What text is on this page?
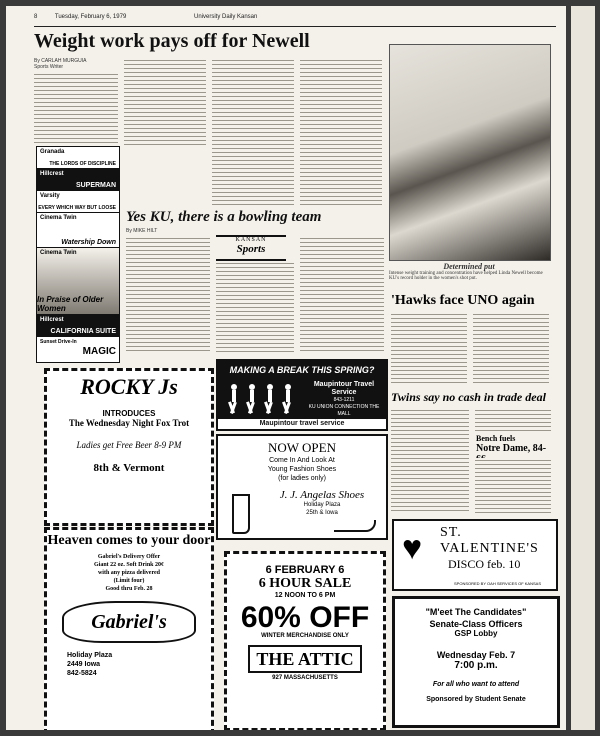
8	Tuesday, February 6, 1979	University Daily Kansan
Weight work pays off for Newell
By CARLAH MURGUIA
Sports Writer
Granada
THE LORDS OF DISCIPLINE
Hillcrest
SUPERMAN
Varsity
EVERY WHICH WAY BUT LOOSE
Cinema Twin
Watership Down
Cinema Twin
In Praise of Older Women
Hillcrest
CALIFORNIA SUITE
Sunset Drive-In
MAGIC
Determined put
Intense weight training and concentration have helped Linda Newell become KU's record holder in the women's shot put.
Yes KU, there is a bowling team
By MIKE HILT
KANSAN
Sports
'Hawks face UNO again
Twins say no cash in trade deal
Bench fuels
Notre Dame, 84-
ROCKY Js
INTRODUCES
The Wednesday Night Fox Trot
Ladies get Free Beer 8-9 PM
8th & Vermont
Heaven comes to your door
Gabriel's Delivery Offer
Giant 22 oz. Soft Drink 20¢
with any pizza delivered
(Limit four)
Good thru Feb. 28
Gabriel's
Holiday Plaza
2449 Iowa
842-5824
MAKING A BREAK THIS SPRING?
Maupintour Travel Service
843-1211
KU UNION CONNECTION THE MALL
Maupintour travel service
NOW OPEN
Come In And Look At
Young Fashion Shoes
(for ladies only)
J. J. Angelas Shoes
Holiday Plaza
25th & Iowa
6 FEBRUARY 6
6 HOUR SALE
12 NOON TO 6 PM
60% OFF
WINTER MERCHANDISE ONLY
THE ATTIC
927 MASSACHUSETTS
♥	ST. VALENTINE'S
DISCO feb. 10
SPONSORED BY OAH SERVICES OF KANSAS
"M'eet The Candidates"
Senate-Class Officers
GSP Lobby
Wednesday Feb. 7
7:00 p.m.
For all who want to attend
Sponsored by Student Senate
